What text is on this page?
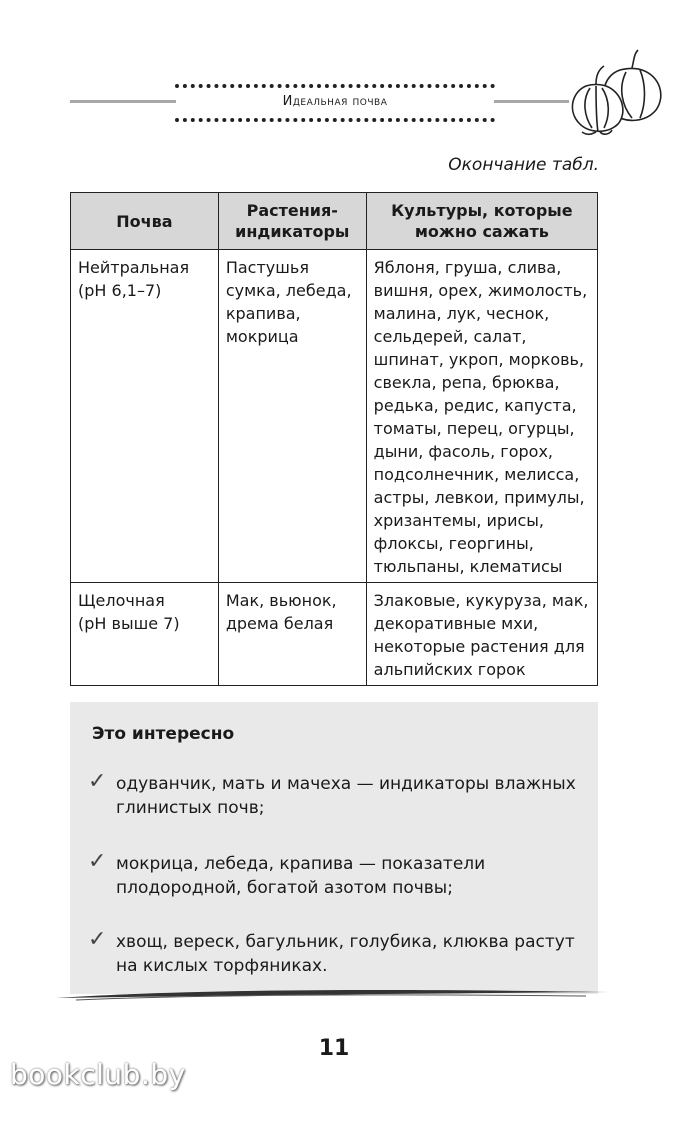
Идеальная почва
Окончание табл.
Почва	Растения-индикаторы	Культуры, которые можно сажать

Нейтральная
(pH 6,1–7)	Пастушья сумка, лебеда, крапива, мокрица	Яблоня, груша, слива, вишня, орех, жимолость, малина, лук, чеснок, сельдерей, салат, шпинат, укроп, морковь, свекла, репа, брюква, редька, редис, капуста, томаты, перец, огурцы, дыни, фасоль, горох, подсолнечник, мелисса, астры, левкои, примулы, хризантемы, ирисы, флоксы, георгины, тюльпаны, клематисы

Щелочная
(pH выше 7)	Мак, вьюнок, дрема белая	Злаковые, кукуруза, мак, декоративные мхи, некоторые растения для альпийских горок
Это интересно
✓ одуванчик, мать и мачеха — индикаторы влажных глинистых почв;
✓ мокрица, лебеда, крапива — показатели плодородной, богатой азотом почвы;
✓ хвощ, вереск, багульник, голубика, клюква растут на кислых торфяниках.
11
bookclub.by
